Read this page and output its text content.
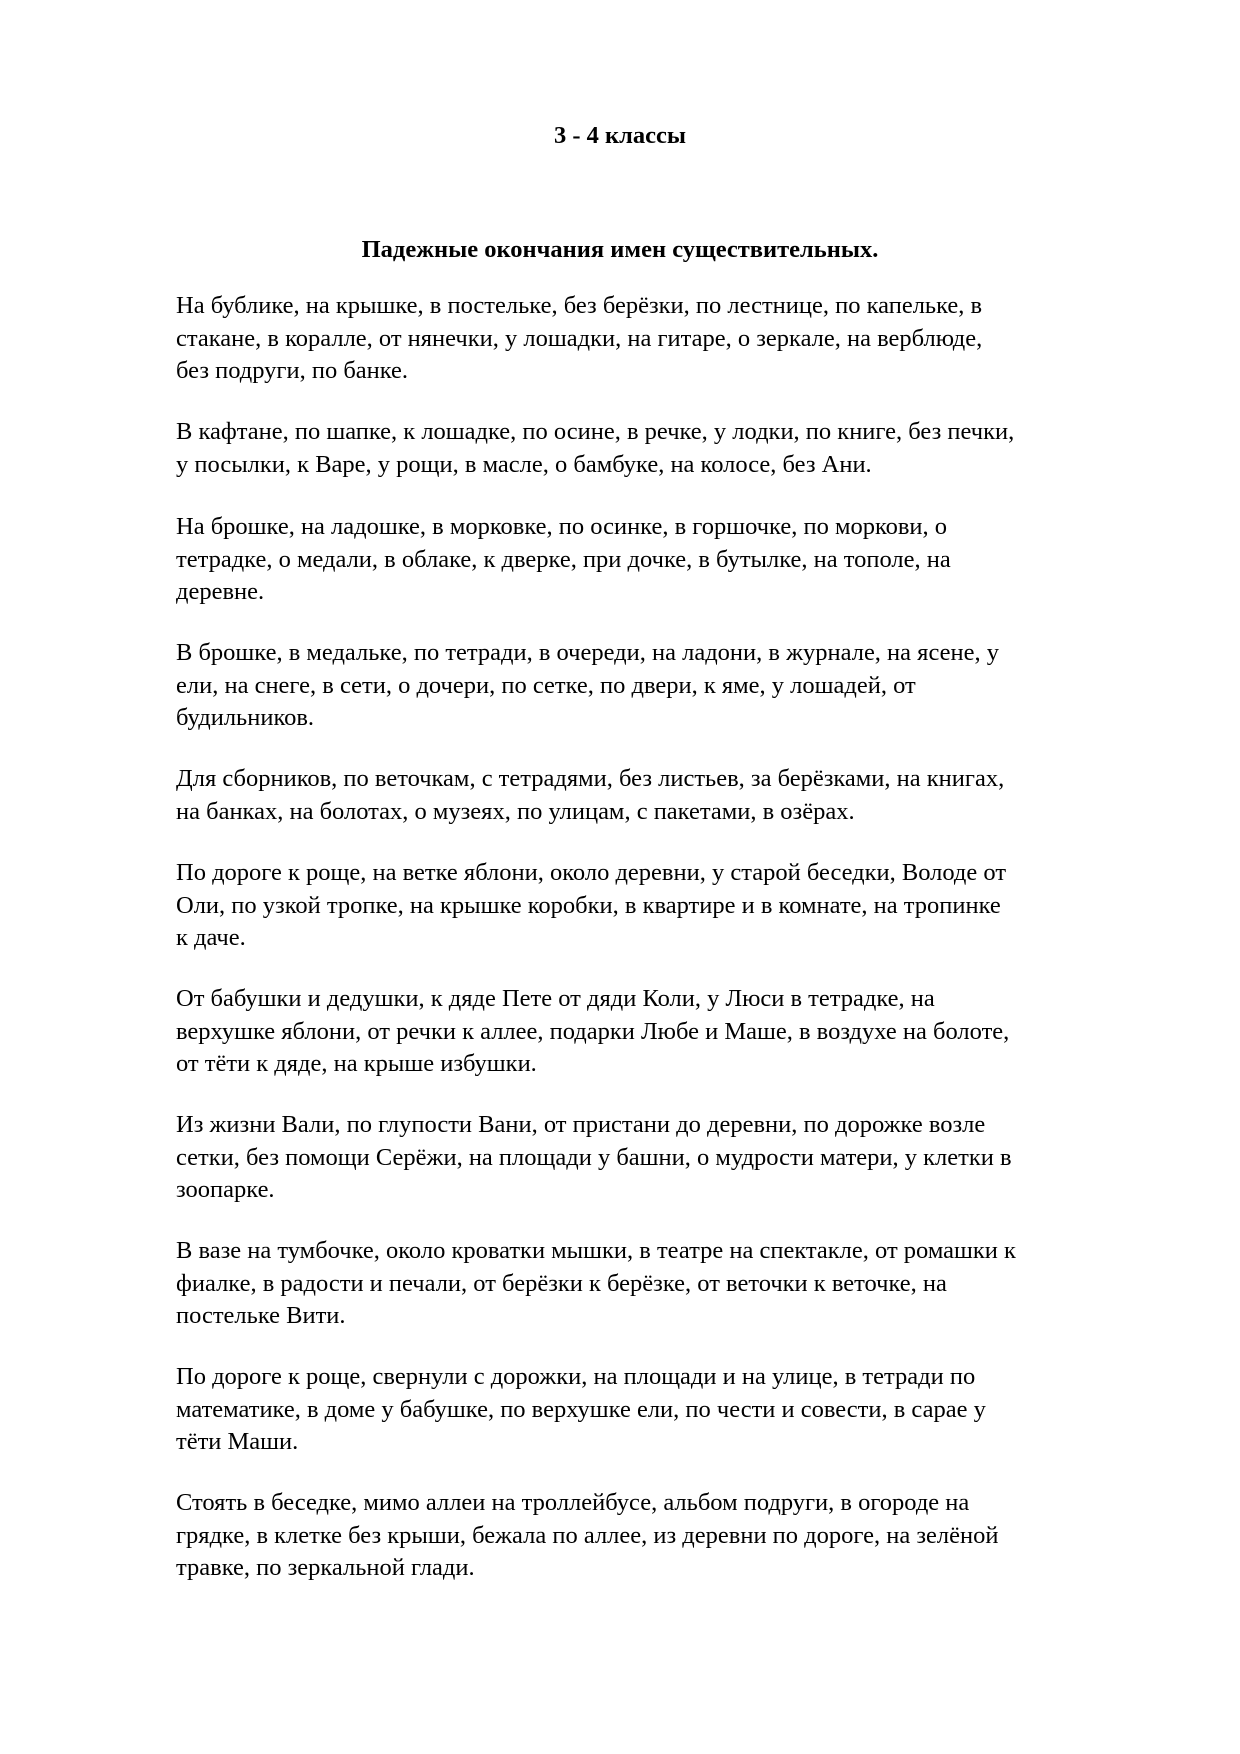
3 - 4 классы
Падежные окончания имен существительных.

На бублике, на крышке, в постельке, без берёзки, по лестнице, по капельке, в
стакане, в коралле, от нянечки, у лошадки, на гитаре, о зеркале, на верблюде,
без подруги, по банке.

В кафтане, по шапке, к лошадке, по осине, в речке, у лодки, по книге, без печки,
у посылки, к Варе, у рощи, в масле, о бамбуке, на колосе, без Ани.

На брошке, на ладошке, в морковке, по осинке, в горшочке, по моркови, о
тетрадке, о медали, в облаке, к дверке, при дочке, в бутылке, на тополе, на
деревне.

В брошке, в медальке, по тетради, в очереди, на ладони, в журнале, на ясене, у
ели, на снеге, в сети, о дочери, по сетке, по двери, к яме, у лошадей, от
будильников.

Для сборников, по веточкам, с тетрадями, без листьев, за берёзками, на книгах,
на банках, на болотах, о музеях, по улицам, с пакетами, в озёрах.

По дороге к роще, на ветке яблони, около деревни, у старой беседки, Володе от
Оли, по узкой тропке, на крышке коробки, в квартире и в комнате, на тропинке
к даче.

От бабушки и дедушки, к дяде Пете от дяди Коли, у Люси в тетрадке, на
верхушке яблони, от речки к аллее, подарки Любе и Маше, в воздухе на болоте,
от тёти к дяде, на крыше избушки.

Из жизни Вали, по глупости Вани, от пристани до деревни, по дорожке возле
сетки, без помощи Серёжи, на площади у башни, о мудрости матери, у клетки в
зоопарке.

В вазе на тумбочке, около кроватки мышки, в театре на спектакле, от ромашки к
фиалке, в радости и печали, от берёзки к берёзке, от веточки к веточке, на
постельке Вити.

По дороге к роще, свернули с дорожки, на площади и на улице, в тетради по
математике, в доме у бабушке, по верхушке ели, по чести и совести, в сарае у
тёти Маши.

Стоять в беседке, мимо аллеи на троллейбусе, альбом подруги, в огороде на
грядке, в клетке без крыши, бежала по аллее, из деревни по дороге, на зелёной
травке, по зеркальной глади.
